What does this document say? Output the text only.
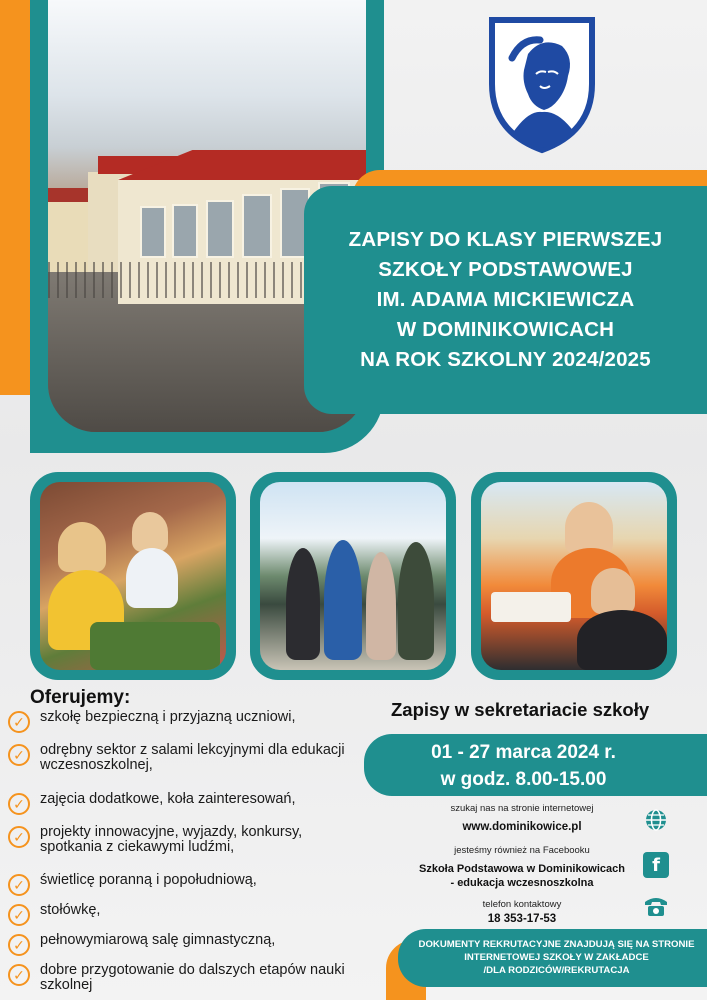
ZAPISY DO KLASY PIERWSZEJ
SZKOŁY PODSTAWOWEJ
IM. ADAMA MICKIEWICZA
W DOMINIKOWICACH
NA ROK SZKOLNY 2024/2025
Oferujemy:
✓	szkołę bezpieczną i przyjazną uczniowi,
✓	odrębny sektor z salami lekcyjnymi dla edukacji wczesnoszkolnej,
✓	zajęcia dodatkowe, koła zainteresowań,
✓	projekty innowacyjne, wyjazdy, konkursy, spotkania z ciekawymi ludźmi,
✓	świetlicę poranną i popołudniową,
✓	stołówkę,
✓	pełnowymiarową salę gimnastyczną,
✓	dobre przygotowanie do dalszych etapów nauki szkolnej
Zapisy w sekretariacie szkoły
01 - 27 marca 2024 r.
w godz. 8.00-15.00
szukaj nas na stronie internetowej
www.dominikowice.pl
jesteśmy również na Facebooku
Szkoła Podstawowa w Dominikowicach
- edukacja wczesnoszkolna
f
telefon kontaktowy
18 353-17-53
DOKUMENTY REKRUTACYJNE ZNAJDUJĄ SIĘ NA STRONIE
INTERNETOWEJ SZKOŁY W ZAKŁADCE
/DLA RODZICÓW/REKRUTACJA
